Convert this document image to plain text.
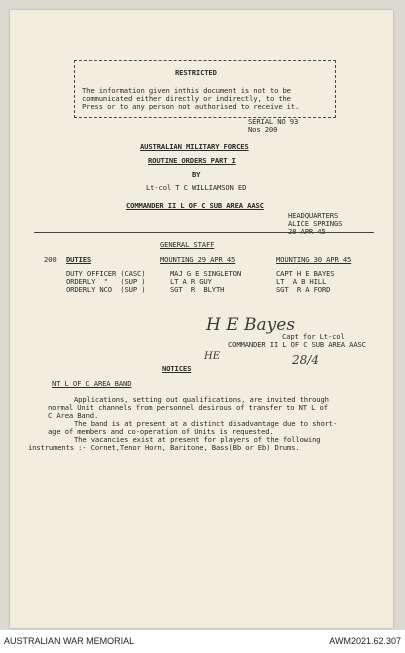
RESTRICTED
The information given inthis document is not to be
communicated either directly or indirectly, to the
Press or to any person not authorised to receive it.
SERIAL NO 93
Nos 200
AUSTRALIAN MILITARY FORCES
ROUTINE ORDERS PART I
BY
Lt-col T C WILLIAMSON ED
COMMANDER II L OF C SUB AREA AASC
HEADQUARTERS
ALICE SPRINGS
28 APR 45
GENERAL STAFF
200 DUTIES	MOUNTING 29 APR 45	MOUNTING 30 APR 45
DUTY OFFICER (CASC)	MAJ G E SINGLETON	CAPT H E BAYES
ORDERLY  "   (SUP )	LT A R GUY	LT  A B HILL
ORDERLY NCO  (SUP )	SGT  R  BLYTH	SGT  R A FORD
H E Bayes
Capt for Lt-col
COMMANDER II L OF C SUB AREA AASC
HE	28/4
NOTICES
NT L OF C AREA BAND
Applications, setting out qualifications, are invited through
normal Unit channels from personnel desirous of transfer to NT L of
C Area Band.
The band is at present at a distinct disadvantage due to short-
age of members and co-operation of Units is requested.
The vacancies exist at present for players of the following
instruments :- Cornet,Tenor Horn, Baritone, Bass(Bb or Eb) Drums.
AUSTRALIAN WAR MEMORIAL	AWM2021.62.307
